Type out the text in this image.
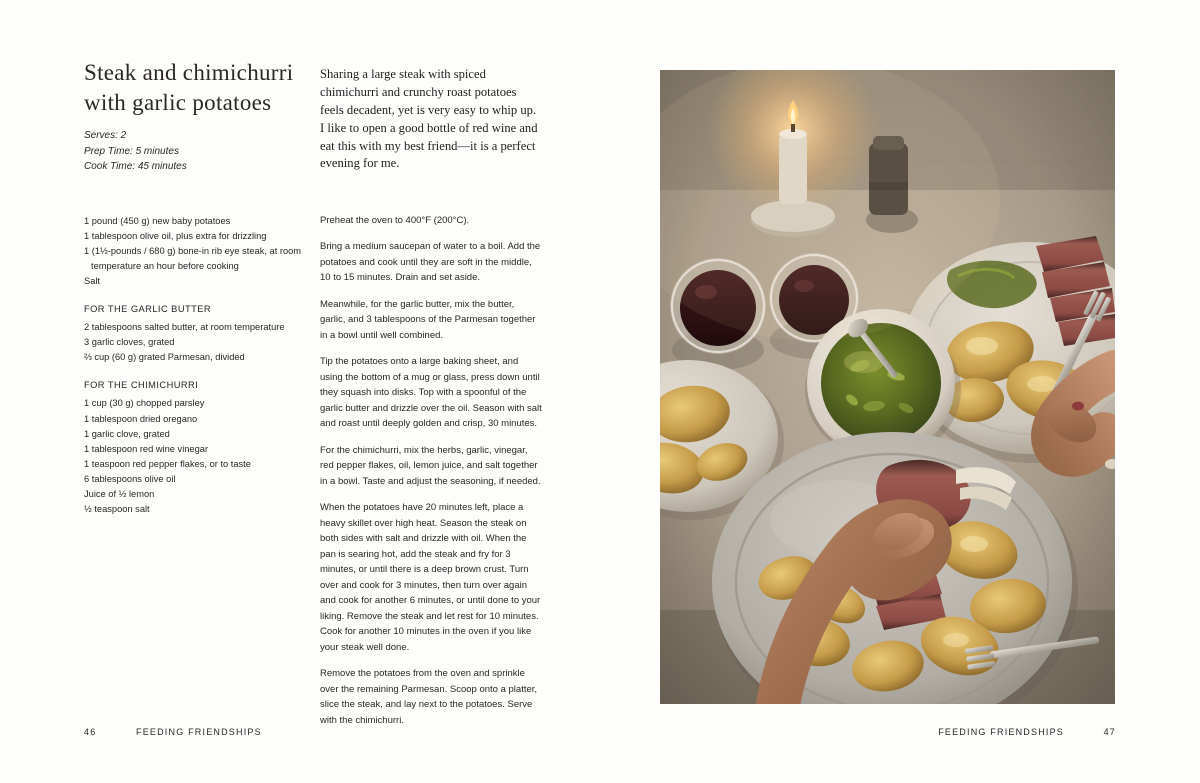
Steak and chimichurri with garlic potatoes
Serves: 2
Prep Time: 5 minutes
Cook Time: 45 minutes

1 pound (450 g) new baby potatoes

1 tablespoon olive oil, plus extra for drizzling

1 (1½-pounds / 680 g) bone-in rib eye steak, at room

temperature an hour before cooking

Salt

FOR THE GARLIC BUTTER

2 tablespoons salted butter, at room temperature

3 garlic cloves, grated

⅔ cup (60 g) grated Parmesan, divided

FOR THE CHIMICHURRI

1 cup (30 g) chopped parsley

1 tablespoon dried oregano

1 garlic clove, grated

1 tablespoon red wine vinegar

1 teaspoon red pepper flakes, or to taste

6 tablespoons olive oil

Juice of ½ lemon

½ teaspoon salt

Sharing a large steak with spiced chimichurri and crunchy roast potatoes feels decadent, yet is very easy to whip up. I like to open a good bottle of red wine and eat this with my best friend—it is a perfect evening for me.

Preheat the oven to 400°F (200°C).

Bring a medium saucepan of water to a boil. Add the potatoes and cook until they are soft in the middle, 10 to 15 minutes. Drain and set aside.

Meanwhile, for the garlic butter, mix the butter, garlic, and 3 tablespoons of the Parmesan together in a bowl until well combined.

Tip the potatoes onto a large baking sheet, and using the bottom of a mug or glass, press down until they squash into disks. Top with a spoonful of the garlic butter and drizzle over the oil. Season with salt and roast until deeply golden and crisp, 30 minutes.

For the chimichurri, mix the herbs, garlic, vinegar, red pepper flakes, oil, lemon juice, and salt together in a bowl. Taste and adjust the seasoning, if needed.

When the potatoes have 20 minutes left, place a heavy skillet over high heat. Season the steak on both sides with salt and drizzle with oil. When the pan is searing hot, add the steak and fry for 3 minutes, or until there is a deep brown crust. Turn over and cook for 3 minutes, then turn over again and cook for another 6 minutes, or until done to your liking. Remove the steak and let rest for 10 minutes. Cook for another 10 minutes in the oven if you like your steak well done.

Remove the potatoes from the oven and sprinkle over the remaining Parmesan. Scoop onto a platter, slice the steak, and lay next to the potatoes. Serve with the chimichurri.

46	FEEDING FRIENDSHIPS	FEEDING FRIENDSHIPS	47
